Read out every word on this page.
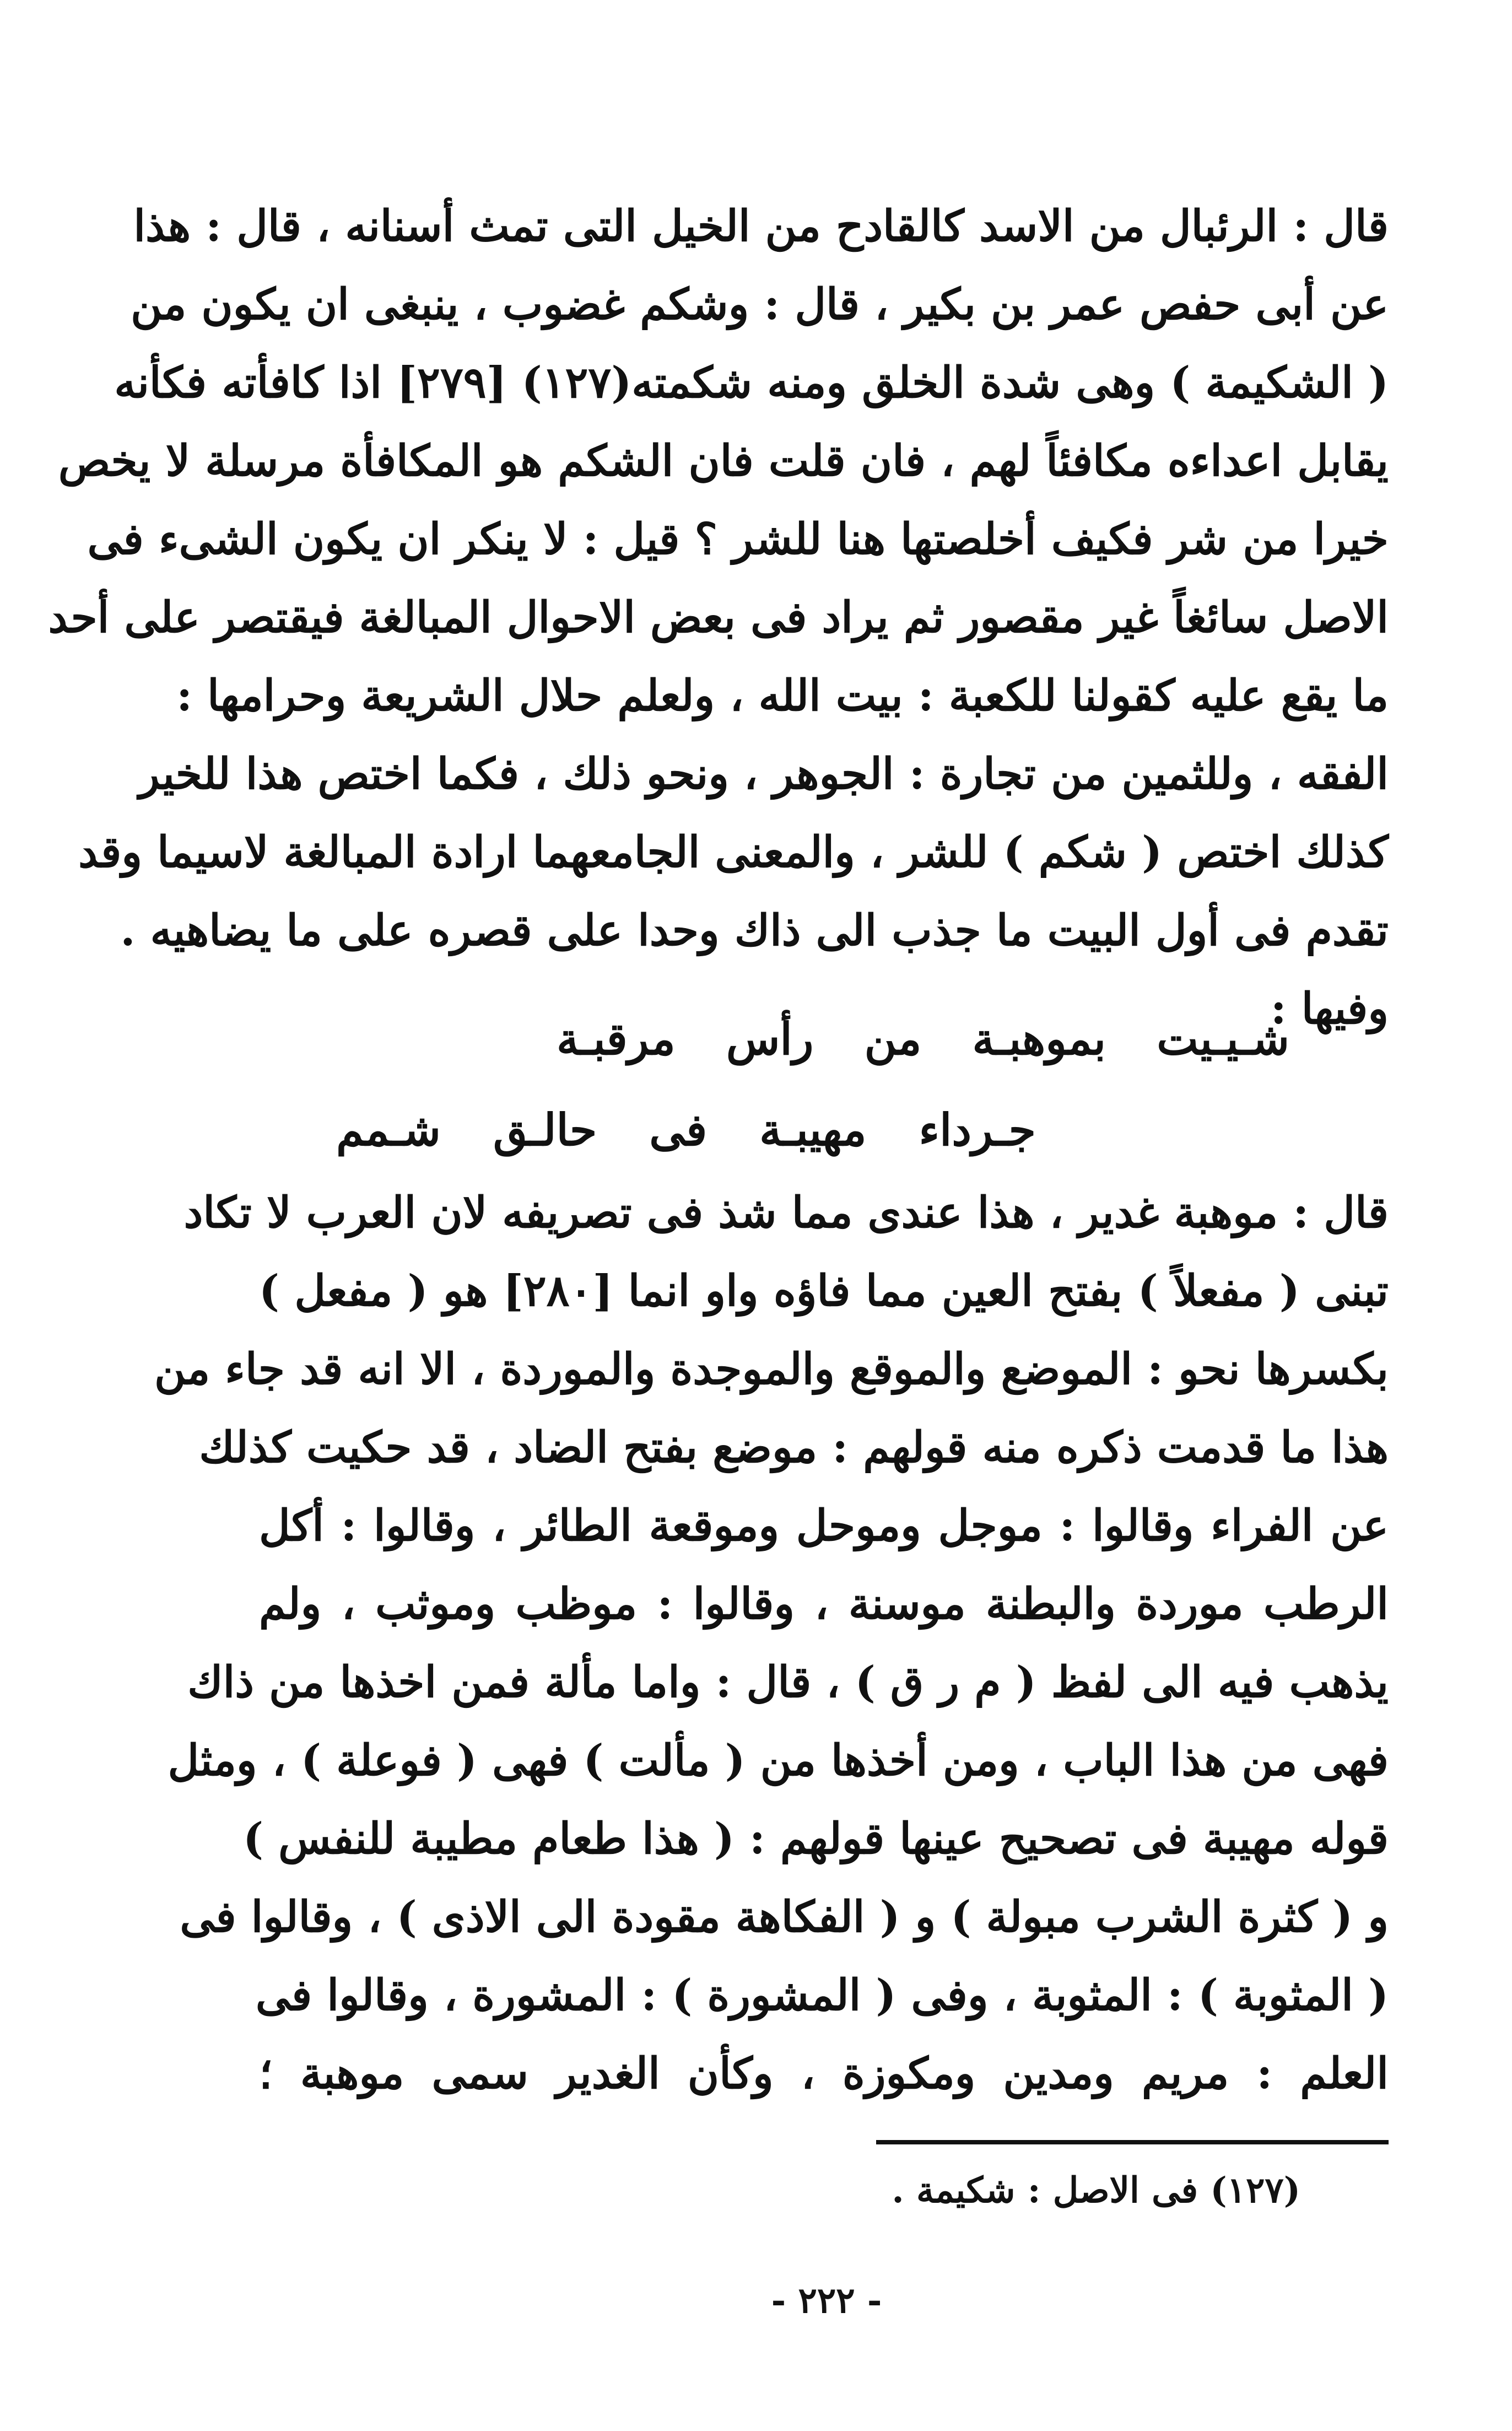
قال : الرئبال من الاسد كالقادح من الخيل التى تمث أسنانه ، قال : هذا
عن أبى حفص عمر بن بكير ، قال : وشكم غضوب ، ينبغى ان يكون من
( الشكيمة ) وهى شدة الخلق ومنه شكمته(١٢٧) [٢٧٩] اذا كافأته فكأنه
يقابل اعداءه مكافئاً لهم ، فان قلت فان الشكم هو المكافأة مرسلة لا يخص
خيرا من شر فكيف أخلصتها هنا للشر ؟ قيل : لا ينكر ان يكون الشىء فى
الاصل سائغاً غير مقصور ثم يراد فى بعض الاحوال المبالغة فيقتصر على أحد
ما يقع عليه كقولنا للكعبة : بيت الله ، ولعلم حلال الشريعة وحرامها :
الفقه ، وللثمين من تجارة : الجوهر ، ونحو ذلك ، فكما اختص هذا للخير
كذلك اختص ( شكم ) للشر ، والمعنى الجامعهما ارادة المبالغة لاسيما وقد
تقدم فى أول البيت ما جذب الى ذاك وحدا على قصره على ما يضاهيه .
وفيها :
شـيـيت بموهبـة من رأس مرقبـة
جـرداء مهيبـة فى حالـق شـمم
قال : موهبة غدير ، هذا عندى مما شذ فى تصريفه لان العرب لا تكاد
تبنى ( مفعلاً ) بفتح العين مما فاؤه واو انما [٢٨٠] هو ( مفعل )
بكسرها نحو : الموضع والموقع والموجدة والموردة ، الا انه قد جاء من
هذا ما قدمت ذكره منه قولهم : موضع بفتح الضاد ، قد حكيت كذلك
عن الفراء وقالوا : موجل وموحل وموقعة الطائر ، وقالوا : أكل
الرطب موردة والبطنة موسنة ، وقالوا : موظب وموثب ، ولم
يذهب فيه الى لفظ ( م ر ق ) ، قال : واما مألة فمن اخذها من ذاك
فهى من هذا الباب ، ومن أخذها من ( مألت ) فهى ( فوعلة ) ، ومثل
قوله مهيبة فى تصحيح عينها قولهم : ( هذا طعام مطيبة للنفس )
و ( كثرة الشرب مبولة ) و ( الفكاهة مقودة الى الاذى ) ، وقالوا فى
( المثوبة ) : المثوبة ، وفى ( المشورة ) : المشورة ، وقالوا فى
العلم : مريم ومدين ومكوزة ، وكأن الغدير سمى موهبة ؛
(١٢٧) فى الاصل : شكيمة .
- ٢٢٢ -
